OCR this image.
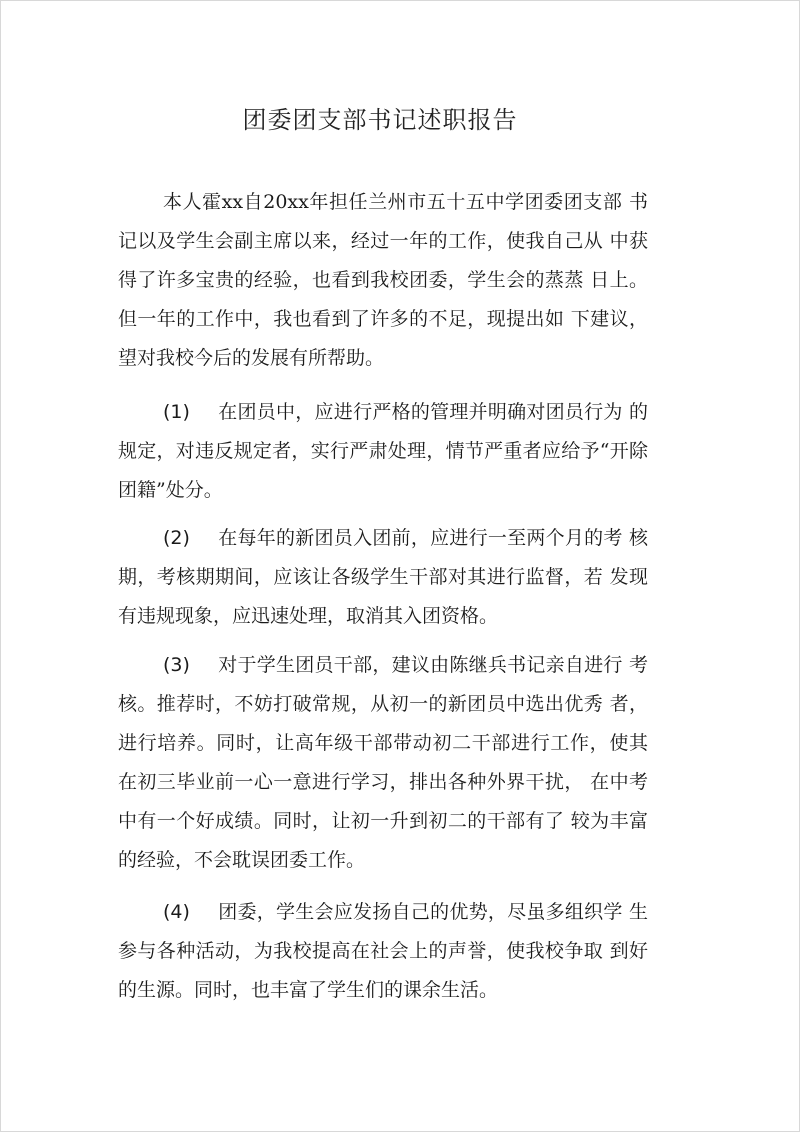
团委团支部书记述职报告
本人霍xx自20xx年担任兰州市五十五中学团委团支部 书记以及学生会副主席以来，经过一年的工作，使我自己从 中获得了许多宝贵的经验，也看到我校团委，学生会的蒸蒸 日上。但一年的工作中，我也看到了许多的不足，现提出如 下建议，望对我校今后的发展有所帮助。
(1) 在团员中，应进行严格的管理并明确对团员行为 的规定，对违反规定者，实行严肃处理，情节严重者应给予“开除团籍”处分。
(2) 在每年的新团员入团前，应进行一至两个月的考 核期，考核期期间，应该让各级学生干部对其进行监督，若 发现有违规现象，应迅速处理，取消其入团资格。
(3) 对于学生团员干部，建议由陈继兵书记亲自进行 考核。推荐时，不妨打破常规，从初一的新团员中选出优秀 者，进行培养。同时，让高年级干部带动初二干部进行工作，使其在初三毕业前一心一意进行学习，排出各种外界干扰， 在中考中有一个好成绩。同时，让初一升到初二的干部有了 较为丰富的经验，不会耽误团委工作。
(4) 团委，学生会应发扬自己的优势，尽虽多组织学 生参与各种活动，为我校提高在社会上的声誉，使我校争取 到好的生源。同时，也丰富了学生们的课余生活。
